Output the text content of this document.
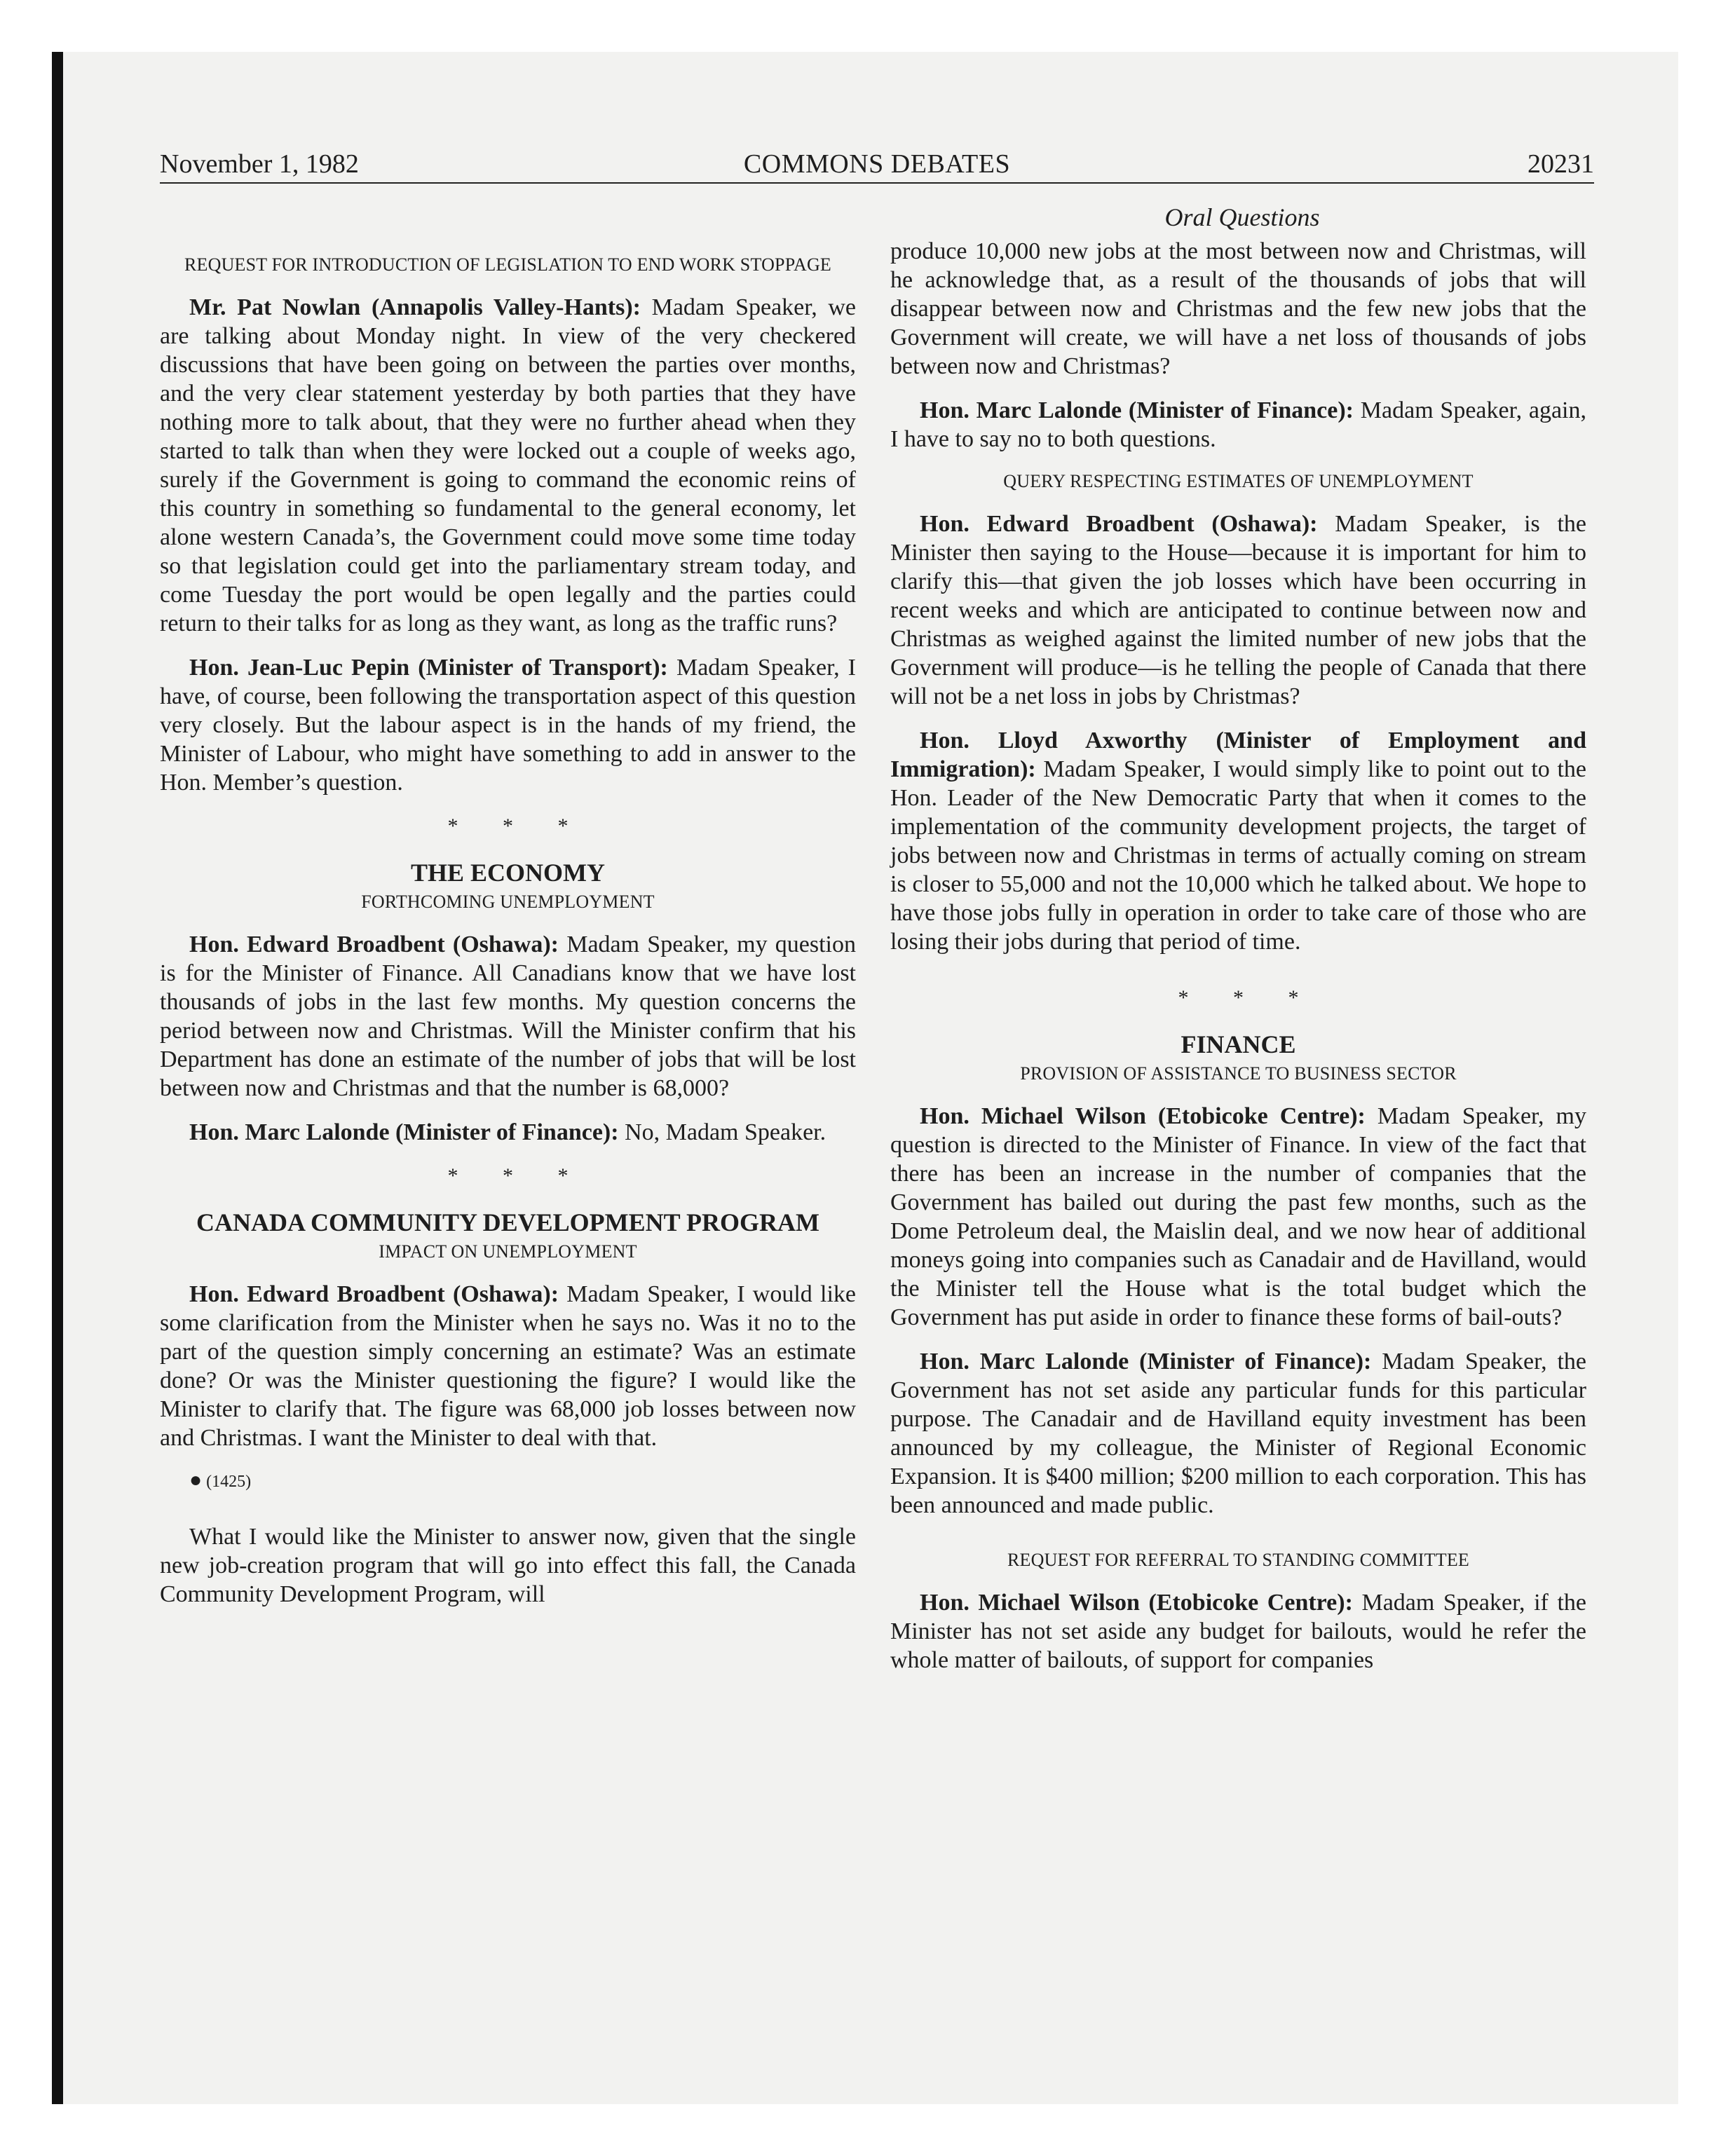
November 1, 1982	COMMONS DEBATES	20231
Oral Questions
REQUEST FOR INTRODUCTION OF LEGISLATION TO END WORK STOPPAGE

Mr. Pat Nowlan (Annapolis Valley-Hants): Madam Speaker, we are talking about Monday night. In view of the very checkered discussions that have been going on between the parties over months, and the very clear statement yesterday by both parties that they have nothing more to talk about, that they were no further ahead when they started to talk than when they were locked out a couple of weeks ago, surely if the Government is going to command the economic reins of this country in something so fundamental to the general economy, let alone western Canada’s, the Government could move some time today so that legislation could get into the parliamentary stream today, and come Tuesday the port would be open legally and the parties could return to their talks for as long as they want, as long as the traffic runs?

Hon. Jean-Luc Pepin (Minister of Transport): Madam Speaker, I have, of course, been following the transportation aspect of this question very closely. But the labour aspect is in the hands of my friend, the Minister of Labour, who might have something to add in answer to the Hon. Member’s question.

* * *
THE ECONOMY
FORTHCOMING UNEMPLOYMENT

Hon. Edward Broadbent (Oshawa): Madam Speaker, my question is for the Minister of Finance. All Canadians know that we have lost thousands of jobs in the last few months. My question concerns the period between now and Christmas. Will the Minister confirm that his Department has done an estimate of the number of jobs that will be lost between now and Christmas and that the number is 68,000?

Hon. Marc Lalonde (Minister of Finance): No, Madam Speaker.

* * *
CANADA COMMUNITY DEVELOPMENT PROGRAM
IMPACT ON UNEMPLOYMENT

Hon. Edward Broadbent (Oshawa): Madam Speaker, I would like some clarification from the Minister when he says no. Was it no to the part of the question simply concerning an estimate? Was an estimate done? Or was the Minister questioning the figure? I would like the Minister to clarify that. The figure was 68,000 job losses between now and Christmas. I want the Minister to deal with that.

● (1425)

What I would like the Minister to answer now, given that the single new job-creation program that will go into effect this fall, the Canada Community Development Program, will

produce 10,000 new jobs at the most between now and Christmas, will he acknowledge that, as a result of the thousands of jobs that will disappear between now and Christmas and the few new jobs that the Government will create, we will have a net loss of thousands of jobs between now and Christmas?

Hon. Marc Lalonde (Minister of Finance): Madam Speaker, again, I have to say no to both questions.

QUERY RESPECTING ESTIMATES OF UNEMPLOYMENT

Hon. Edward Broadbent (Oshawa): Madam Speaker, is the Minister then saying to the House—because it is important for him to clarify this—that given the job losses which have been occurring in recent weeks and which are anticipated to continue between now and Christmas as weighed against the limited number of new jobs that the Government will produce—is he telling the people of Canada that there will not be a net loss in jobs by Christmas?

Hon. Lloyd Axworthy (Minister of Employment and Immigration): Madam Speaker, I would simply like to point out to the Hon. Leader of the New Democratic Party that when it comes to the implementation of the community development projects, the target of jobs between now and Christmas in terms of actually coming on stream is closer to 55,000 and not the 10,000 which he talked about. We hope to have those jobs fully in operation in order to take care of those who are losing their jobs during that period of time.

* * *
FINANCE
PROVISION OF ASSISTANCE TO BUSINESS SECTOR

Hon. Michael Wilson (Etobicoke Centre): Madam Speaker, my question is directed to the Minister of Finance. In view of the fact that there has been an increase in the number of companies that the Government has bailed out during the past few months, such as the Dome Petroleum deal, the Maislin deal, and we now hear of additional moneys going into companies such as Canadair and de Havilland, would the Minister tell the House what is the total budget which the Government has put aside in order to finance these forms of bail-outs?

Hon. Marc Lalonde (Minister of Finance): Madam Speaker, the Government has not set aside any particular funds for this particular purpose. The Canadair and de Havilland equity investment has been announced by my colleague, the Minister of Regional Economic Expansion. It is $400 million; $200 million to each corporation. This has been announced and made public.

REQUEST FOR REFERRAL TO STANDING COMMITTEE

Hon. Michael Wilson (Etobicoke Centre): Madam Speaker, if the Minister has not set aside any budget for bailouts, would he refer the whole matter of bailouts, of support for companies
